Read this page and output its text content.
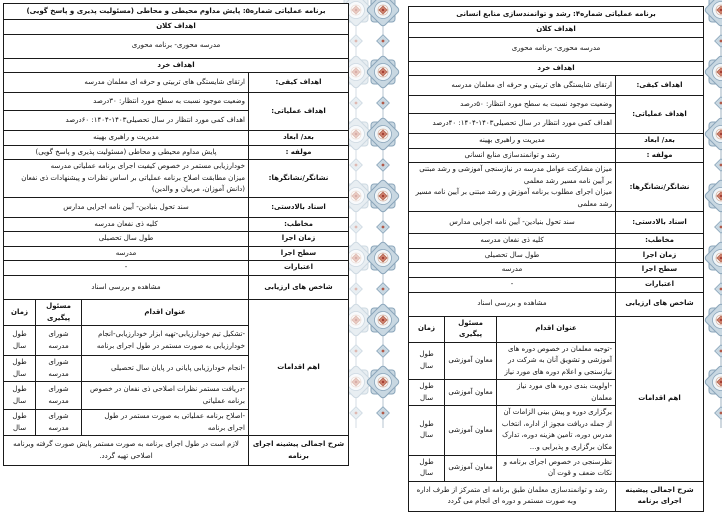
برنامه عملیاتی شماره۵: پایش مداوم محیطی و محاطی (مسئولیت پذیری و پاسخ گویی)			
اهداف کلان			
مدرسه محوری- برنامه محوری			
اهداف خرد			
اهداف کیفی:	ارتقای شایستگی های تربیتی و حرفه ای معلمان مدرسه		
اهداف عملیاتی:	وضعیت موجود نسبت به سطح مورد انتظار: ۳۰درصد		
	اهداف کمی مورد انتظار در سال تحصیلی۱۴۰۳-۱۴۰۴: ۶۰درصد		
بعد/ ابعاد	مدیریت و راهبری بهینه		
مولفه :	پایش مداوم محیطی و محاطی (مسئولیت پذیری و پاسخ گویی)		
نشانگر/نشانگرها:	خودارزیابی مستمر در خصوص کیفیت اجرای برنامه عملیاتی مدرسه
میزان مطابقت اصلاح برنامه عملیاتی بر اساس نظرات و پیشنهادات ذی نفعان (دانش آموزان، مربیان و والدین)		

اسناد بالادستی:	سند تحول بنیادین- آیین نامه اجرایی مدارس		
مخاطب:	کلیه ذی نفعان مدرسه		
زمان اجرا	طول سال تحصیلی		
سطح اجرا	مدرسه		
اعتبارات	-		
شاخص های ارزیابی	مشاهده و بررسی اسناد		
اهم اقدامات	عنوان اقدام	مسئول پیگیری	زمان
	-تشکیل تیم خودارزیابی-تهیه ابزار خودارزیابی-انجام خودارزیابی به صورت مستمر در طول اجرای برنامه	شورای مدرسه	طول سال
	-انجام خودارزیابی پایانی در پایان سال تحصیلی	شورای مدرسه	طول سال
	-دریافت مستمر نظرات اصلاحی ذی نفعان در خصوص برنامه عملیاتی	شورای مدرسه	طول سال
	-اصلاح برنامه عملیاتی به صورت مستمر در طول اجرای برنامه	شورای مدرسه	طول سال
شرح اجمالی پیشینه اجرای برنامه	لازم است در طول اجرای برنامه به صورت مستمر پایش صورت گرفته وبرنامه اصلاحی تهیه گردد.		
برنامه عملیاتی شماره۴: رشد و توانمندسازی منابع انسانی			
اهداف کلان			
مدرسه محوری- برنامه محوری			
اهداف خرد			
اهداف کیفی:	ارتقای شایستگی های تربیتی و حرفه ای معلمان مدرسه		
اهداف عملیاتی:	وضعیت موجود نسبت به سطح مورد انتظار: ۵۰درصد		
	اهداف کمی مورد انتظار در سال تحصیلی۱۴۰۳-۱۴۰۴: ۴۰درصد		
بعد/ ابعاد	مدیریت و راهبری بهینه		
مولفه :	رشد و توانمندسازی منابع انسانی		
نشانگر/نشانگرها:	میزان مشارکت عوامل مدرسه در نیازسنجی آموزشی و رشد مبتنی بر آیین نامه مسیر رشد معلمی
میزان اجرای مطلوب برنامه آموزش و رشد مبتنی بر آیین نامه مسیر رشد معلمی		

اسناد بالادستی:	سند تحول بنیادین- آیین نامه اجرایی مدارس		
مخاطب:	کلیه ذی نفعان مدرسه		
زمان اجرا	طول سال تحصیلی		
سطح اجرا	مدرسه		
اعتبارات	-		
شاخص های ارزیابی	مشاهده و بررسی اسناد		
اهم اقدامات	عنوان اقدام	مسئول پیگیری	زمان
	-توجیه معلمان در خصوص دوره های آموزشی و تشویق آنان به شرکت در نیازسنجی و اعلام دوره های مورد نیاز	معاون آموزشی	طول سال
	-اولویت بندی دوره های مورد نیاز معلمان	معاون آموزشی	طول سال
	برگزاری دوره و پیش بینی الزامات آن از جمله دریافت مجوز از اداره، انتخاب مدرس دوره، تامین هزینه دوره، تدارک مکان برگزاری و پذیرایی و...	معاون آموزشی	طول سال
	نظرسنجی در خصوص اجرای برنامه و نکات ضعف و قوت آن	معاون آموزشی	طول سال
شرح اجمالی پیشینه اجرای برنامه	رشد و توانمندسازی معلمان طبق برنامه ای متمرکز از طرف اداره وبه صورت مستمر و دوره ای انجام می گردد		
